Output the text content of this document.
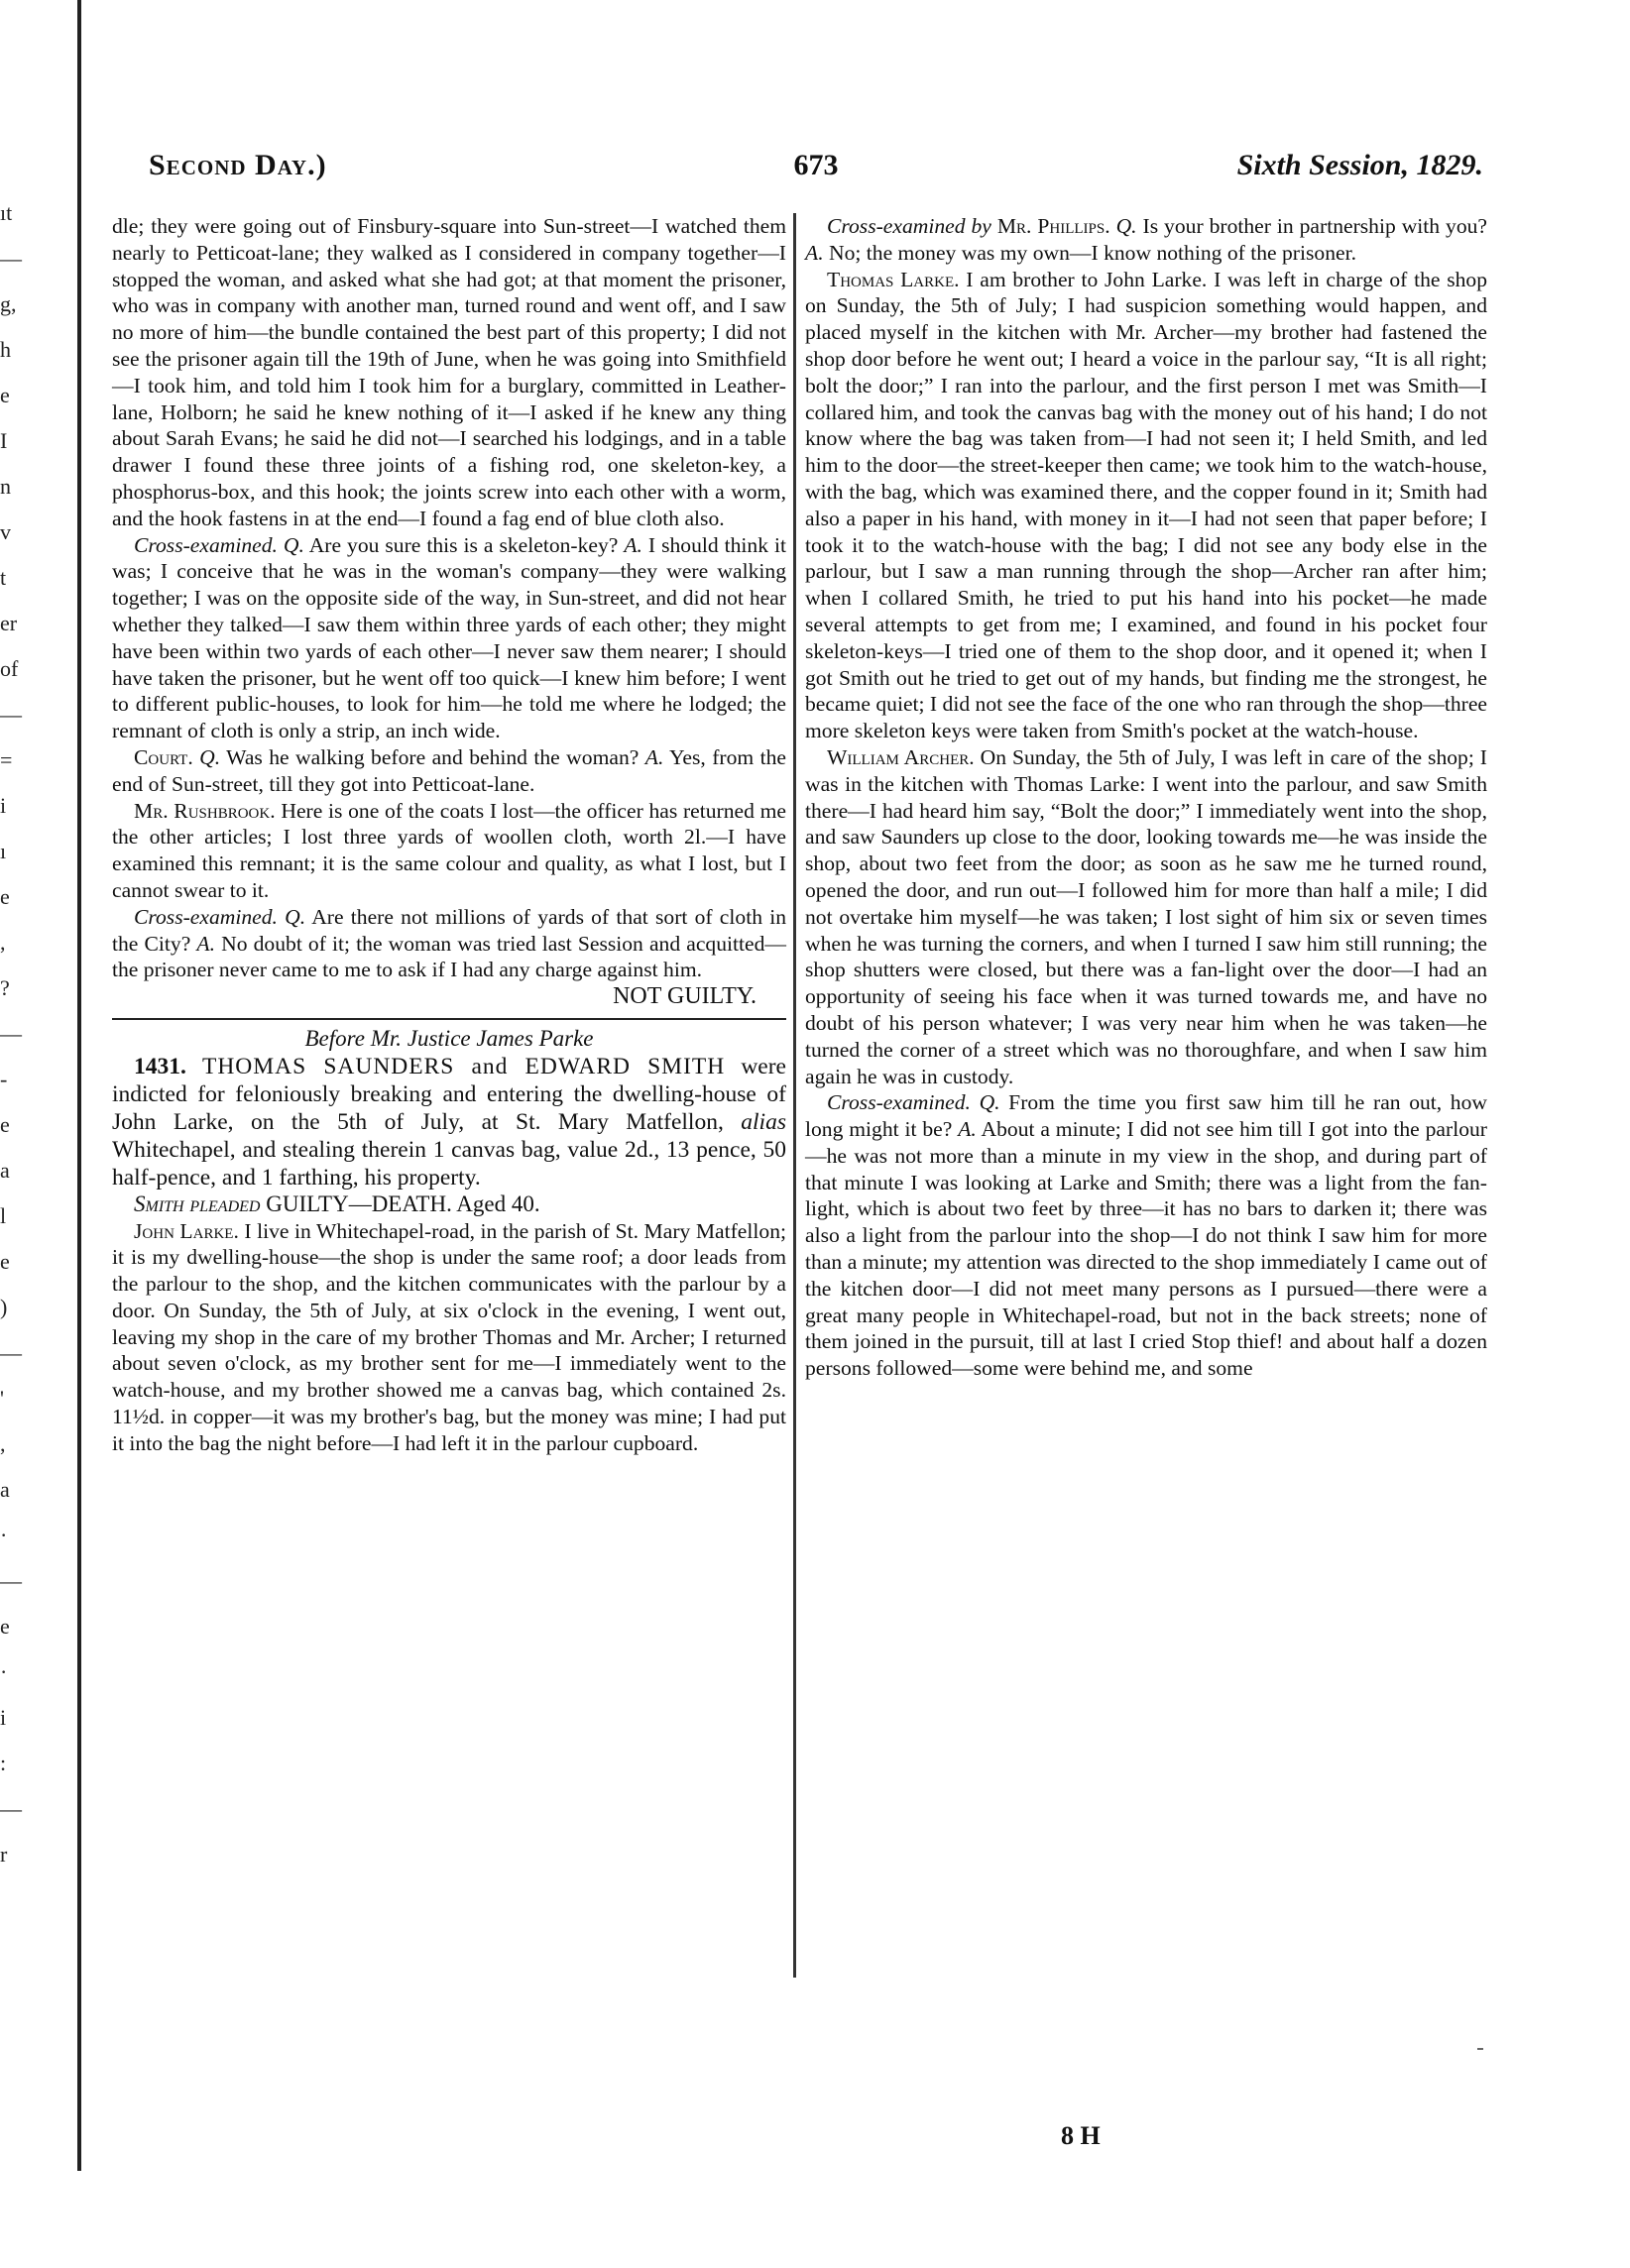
ıt
—
g,
h
e
I
n
v
t
er
of
—
=
i
ı
e
,
?
—
-
e
a
l
e
)
—
'
,
a
·
—
e
·
i
:
—
r
Second Day.)	673	Sixth Session, 1829.

dle; they were going out of Finsbury-square into Sun-street—I watched them nearly to Petticoat-lane; they walked as I considered in company together—I stopped the woman, and asked what she had got; at that moment the prisoner, who was in company with another man, turned round and went off, and I saw no more of him—the bundle contained the best part of this property; I did not see the prisoner again till the 19th of June, when he was going into Smithfield—I took him, and told him I took him for a burglary, committed in Leather-lane, Holborn; he said he knew nothing of it—I asked if he knew any thing about Sarah Evans; he said he did not—I searched his lodgings, and in a table drawer I found these three joints of a fishing rod, one skeleton-key, a phosphorus-box, and this hook; the joints screw into each other with a worm, and the hook fastens in at the end—I found a fag end of blue cloth also.

Cross-examined. Q. Are you sure this is a skeleton-key? A. I should think it was; I conceive that he was in the woman's company—they were walking together; I was on the opposite side of the way, in Sun-street, and did not hear whether they talked—I saw them within three yards of each other; they might have been within two yards of each other—I never saw them nearer; I should have taken the prisoner, but he went off too quick—I knew him before; I went to different public-houses, to look for him—he told me where he lodged; the remnant of cloth is only a strip, an inch wide.

Court. Q. Was he walking before and behind the woman? A. Yes, from the end of Sun-street, till they got into Petticoat-lane.

Mr. Rushbrook. Here is one of the coats I lost—the officer has returned me the other articles; I lost three yards of woollen cloth, worth 2l.—I have examined this remnant; it is the same colour and quality, as what I lost, but I cannot swear to it.

Cross-examined. Q. Are there not millions of yards of that sort of cloth in the City? A. No doubt of it; the woman was tried last Session and acquitted—the prisoner never came to me to ask if I had any charge against him.

NOT GUILTY.

Before Mr. Justice James Parke

1431. THOMAS SAUNDERS and EDWARD SMITH were indicted for feloniously breaking and entering the dwelling-house of John Larke, on the 5th of July, at St. Mary Matfellon, alias Whitechapel, and stealing therein 1 canvas bag, value 2d., 13 pence, 50 half-pence, and 1 farthing, his property.

Smith pleaded GUILTY—DEATH. Aged 40.

John Larke. I live in Whitechapel-road, in the parish of St. Mary Matfellon; it is my dwelling-house—the shop is under the same roof; a door leads from the parlour to the shop, and the kitchen communicates with the parlour by a door. On Sunday, the 5th of July, at six o'clock in the evening, I went out, leaving my shop in the care of my brother Thomas and Mr. Archer; I returned about seven o'clock, as my brother sent for me—I immediately went to the watch-house, and my brother showed me a canvas bag, which contained 2s. 11½d. in copper—it was my brother's bag, but the money was mine; I had put it into the bag the night before—I had left it in the parlour cupboard.

Cross-examined by Mr. Phillips. Q. Is your brother in partnership with you? A. No; the money was my own—I know nothing of the prisoner.

Thomas Larke. I am brother to John Larke. I was left in charge of the shop on Sunday, the 5th of July; I had suspicion something would happen, and placed myself in the kitchen with Mr. Archer—my brother had fastened the shop door before he went out; I heard a voice in the parlour say, “It is all right; bolt the door;” I ran into the parlour, and the first person I met was Smith—I collared him, and took the canvas bag with the money out of his hand; I do not know where the bag was taken from—I had not seen it; I held Smith, and led him to the door—the street-keeper then came; we took him to the watch-house, with the bag, which was examined there, and the copper found in it; Smith had also a paper in his hand, with money in it—I had not seen that paper before; I took it to the watch-house with the bag; I did not see any body else in the parlour, but I saw a man running through the shop—Archer ran after him; when I collared Smith, he tried to put his hand into his pocket—he made several attempts to get from me; I examined, and found in his pocket four skeleton-keys—I tried one of them to the shop door, and it opened it; when I got Smith out he tried to get out of my hands, but finding me the strongest, he became quiet; I did not see the face of the one who ran through the shop—three more skeleton keys were taken from Smith's pocket at the watch-house.

William Archer. On Sunday, the 5th of July, I was left in care of the shop; I was in the kitchen with Thomas Larke: I went into the parlour, and saw Smith there—I had heard him say, “Bolt the door;” I immediately went into the shop, and saw Saunders up close to the door, looking towards me—he was inside the shop, about two feet from the door; as soon as he saw me he turned round, opened the door, and run out—I followed him for more than half a mile; I did not overtake him myself—he was taken; I lost sight of him six or seven times when he was turning the corners, and when I turned I saw him still running; the shop shutters were closed, but there was a fan-light over the door—I had an opportunity of seeing his face when it was turned towards me, and have no doubt of his person whatever; I was very near him when he was taken—he turned the corner of a street which was no thoroughfare, and when I saw him again he was in custody.

Cross-examined. Q. From the time you first saw him till he ran out, how long might it be? A. About a minute; I did not see him till I got into the parlour—he was not more than a minute in my view in the shop, and during part of that minute I was looking at Larke and Smith; there was a light from the fan-light, which is about two feet by three—it has no bars to darken it; there was also a light from the parlour into the shop—I do not think I saw him for more than a minute; my attention was directed to the shop immediately I came out of the kitchen door—I did not meet many persons as I pursued—there were a great many people in Whitechapel-road, but not in the back streets; none of them joined in the pursuit, till at last I cried Stop thief! and about half a dozen persons followed—some were behind me, and some

8 H
